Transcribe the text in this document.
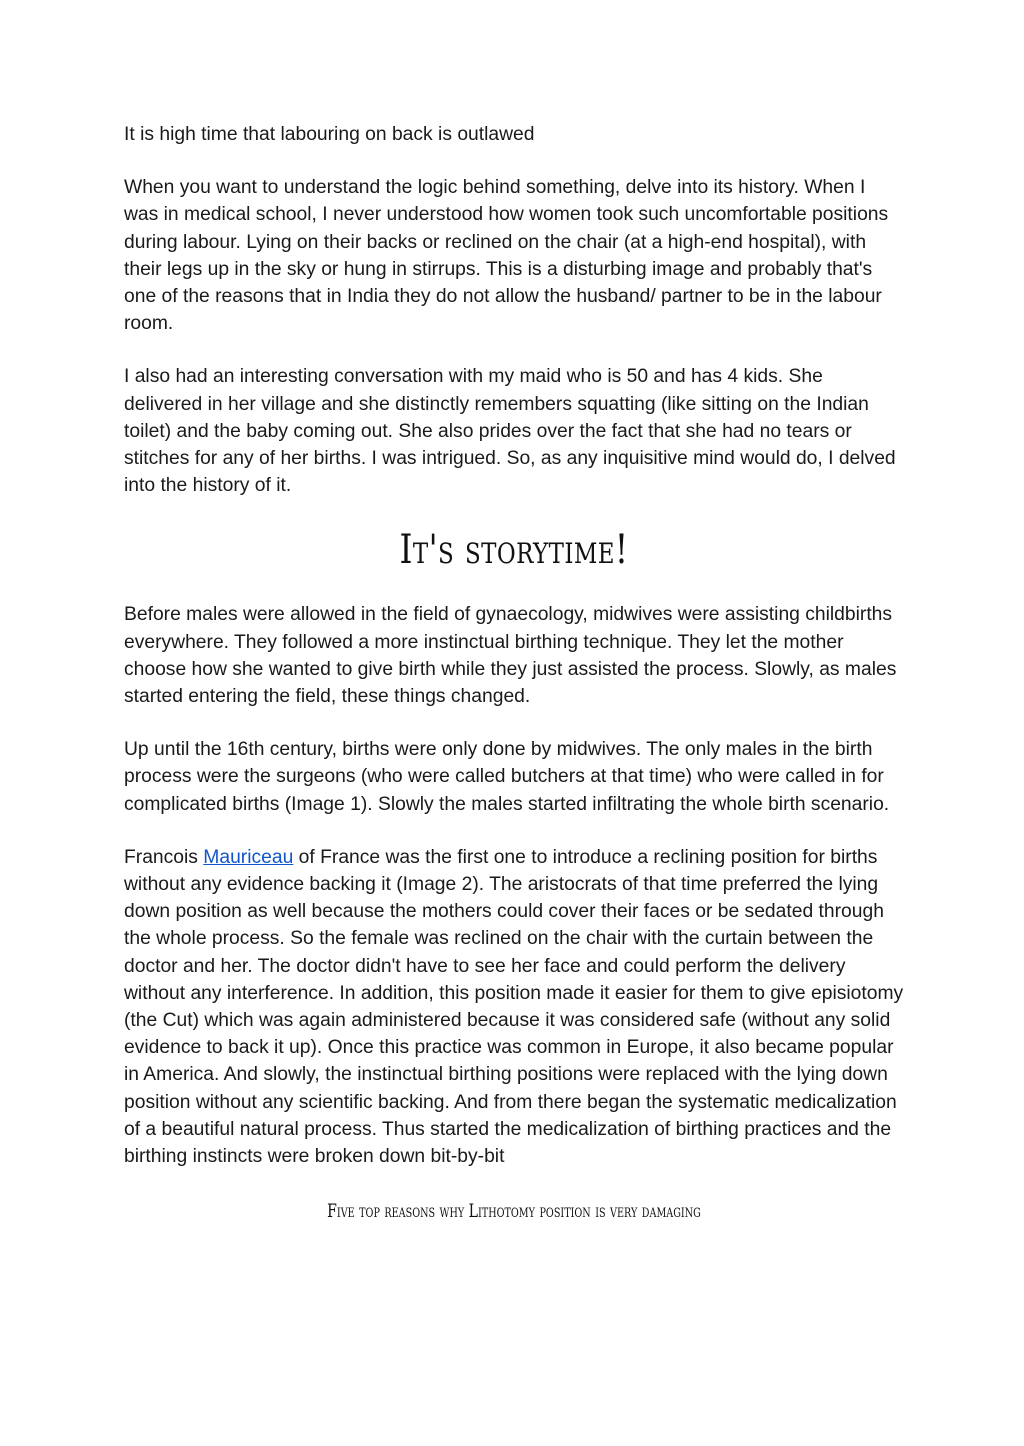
It is high time that labouring on back is outlawed

When you want to understand the logic behind something, delve into its history. When I was in medical school, I never understood how women took such uncomfortable positions during labour. Lying on their backs or reclined on the chair (at a high-end hospital), with their legs up in the sky or hung in stirrups. This is a disturbing image and probably that's one of the reasons that in India they do not allow the husband/ partner to be in the labour room.

I also had an interesting conversation with my maid who is 50 and has 4 kids. She delivered in her village and she distinctly remembers squatting (like sitting on the Indian toilet) and the baby coming out. She also prides over the fact that she had no tears or stitches for any of her births. I was intrigued. So, as any inquisitive mind would do, I delved into the history of it.

It's storytime!

Before males were allowed in the field of gynaecology, midwives were assisting childbirths everywhere. They followed a more instinctual birthing technique. They let the mother choose how she wanted to give birth while they just assisted the process. Slowly, as males started entering the field, these things changed.

Up until the 16th century, births were only done by midwives. The only males in the birth process were the surgeons (who were called butchers at that time) who were called in for complicated births (Image 1). Slowly the males started infiltrating the whole birth scenario.

Francois Mauriceau of France was the first one to introduce a reclining position for births without any evidence backing it (Image 2). The aristocrats of that time preferred the lying down position as well because the mothers could cover their faces or be sedated through the whole process. So the female was reclined on the chair with the curtain between the doctor and her. The doctor didn't have to see her face and could perform the delivery without any interference. In addition, this position made it easier for them to give episiotomy (the Cut) which was again administered because it was considered safe (without any solid evidence to back it up). Once this practice was common in Europe, it also became popular in America. And slowly, the instinctual birthing positions were replaced with the lying down position without any scientific backing. And from there began the systematic medicalization of a beautiful natural process. Thus started the medicalization of birthing practices and the birthing instincts were broken down bit-by-bit

Five top reasons why Lithotomy position is very damaging
